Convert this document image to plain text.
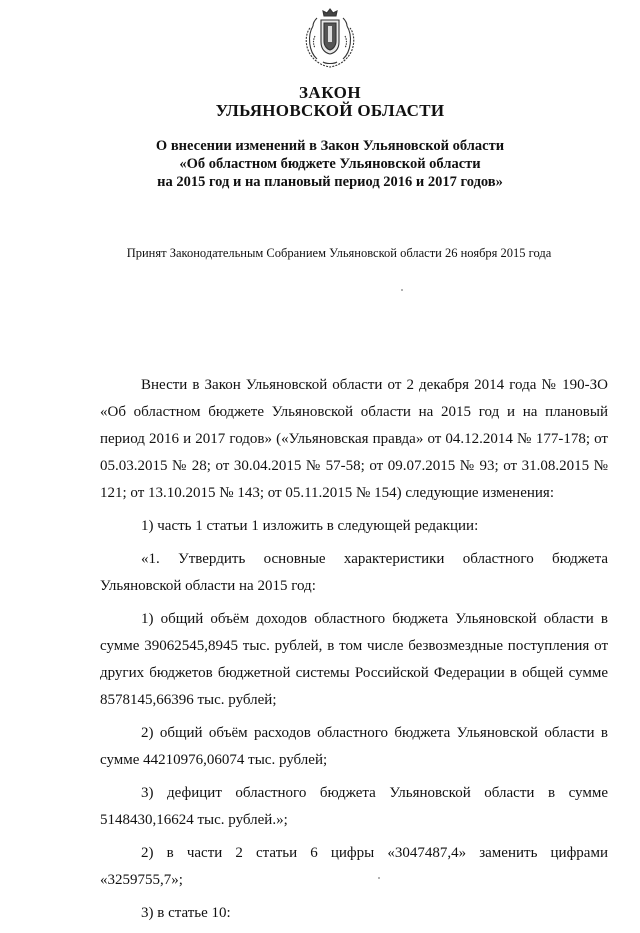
ЗАКОН
УЛЬЯНОВСКОЙ ОБЛАСТИ
О внесении изменений в Закон Ульяновской области
«Об областном бюджете Ульяновской области
на 2015 год и на плановый период 2016 и 2017 годов»
Принят Законодательным Собранием Ульяновской области 26 ноября 2015 года

Внести в Закон Ульяновской области от 2 декабря 2014 года № 190-ЗО «Об областном бюджете Ульяновской области на 2015 год и на плановый период 2016 и 2017 годов» («Ульяновская правда» от 04.12.2014 № 177-178; от 05.03.2015 № 28; от 30.04.2015 № 57-58; от 09.07.2015 № 93; от 31.08.2015 № 121; от 13.10.2015 № 143; от 05.11.2015 № 154) следующие изменения:

1) часть 1 статьи 1 изложить в следующей редакции:

«1. Утвердить основные характеристики областного бюджета Ульяновской области на 2015 год:

1) общий объём доходов областного бюджета Ульяновской области в сумме 39062545,8945 тыс. рублей, в том числе безвозмездные поступления от других бюджетов бюджетной системы Российской Федерации в общей сумме 8578145,66396 тыс. рублей;

2) общий объём расходов областного бюджета Ульяновской области в сумме 44210976,06074 тыс. рублей;

3) дефицит областного бюджета Ульяновской области в сумме 5148430,16624 тыс. рублей.»;

2) в части 2 статьи 6 цифры «3047487,4» заменить цифрами «3259755,7»;

3) в статье 10:
